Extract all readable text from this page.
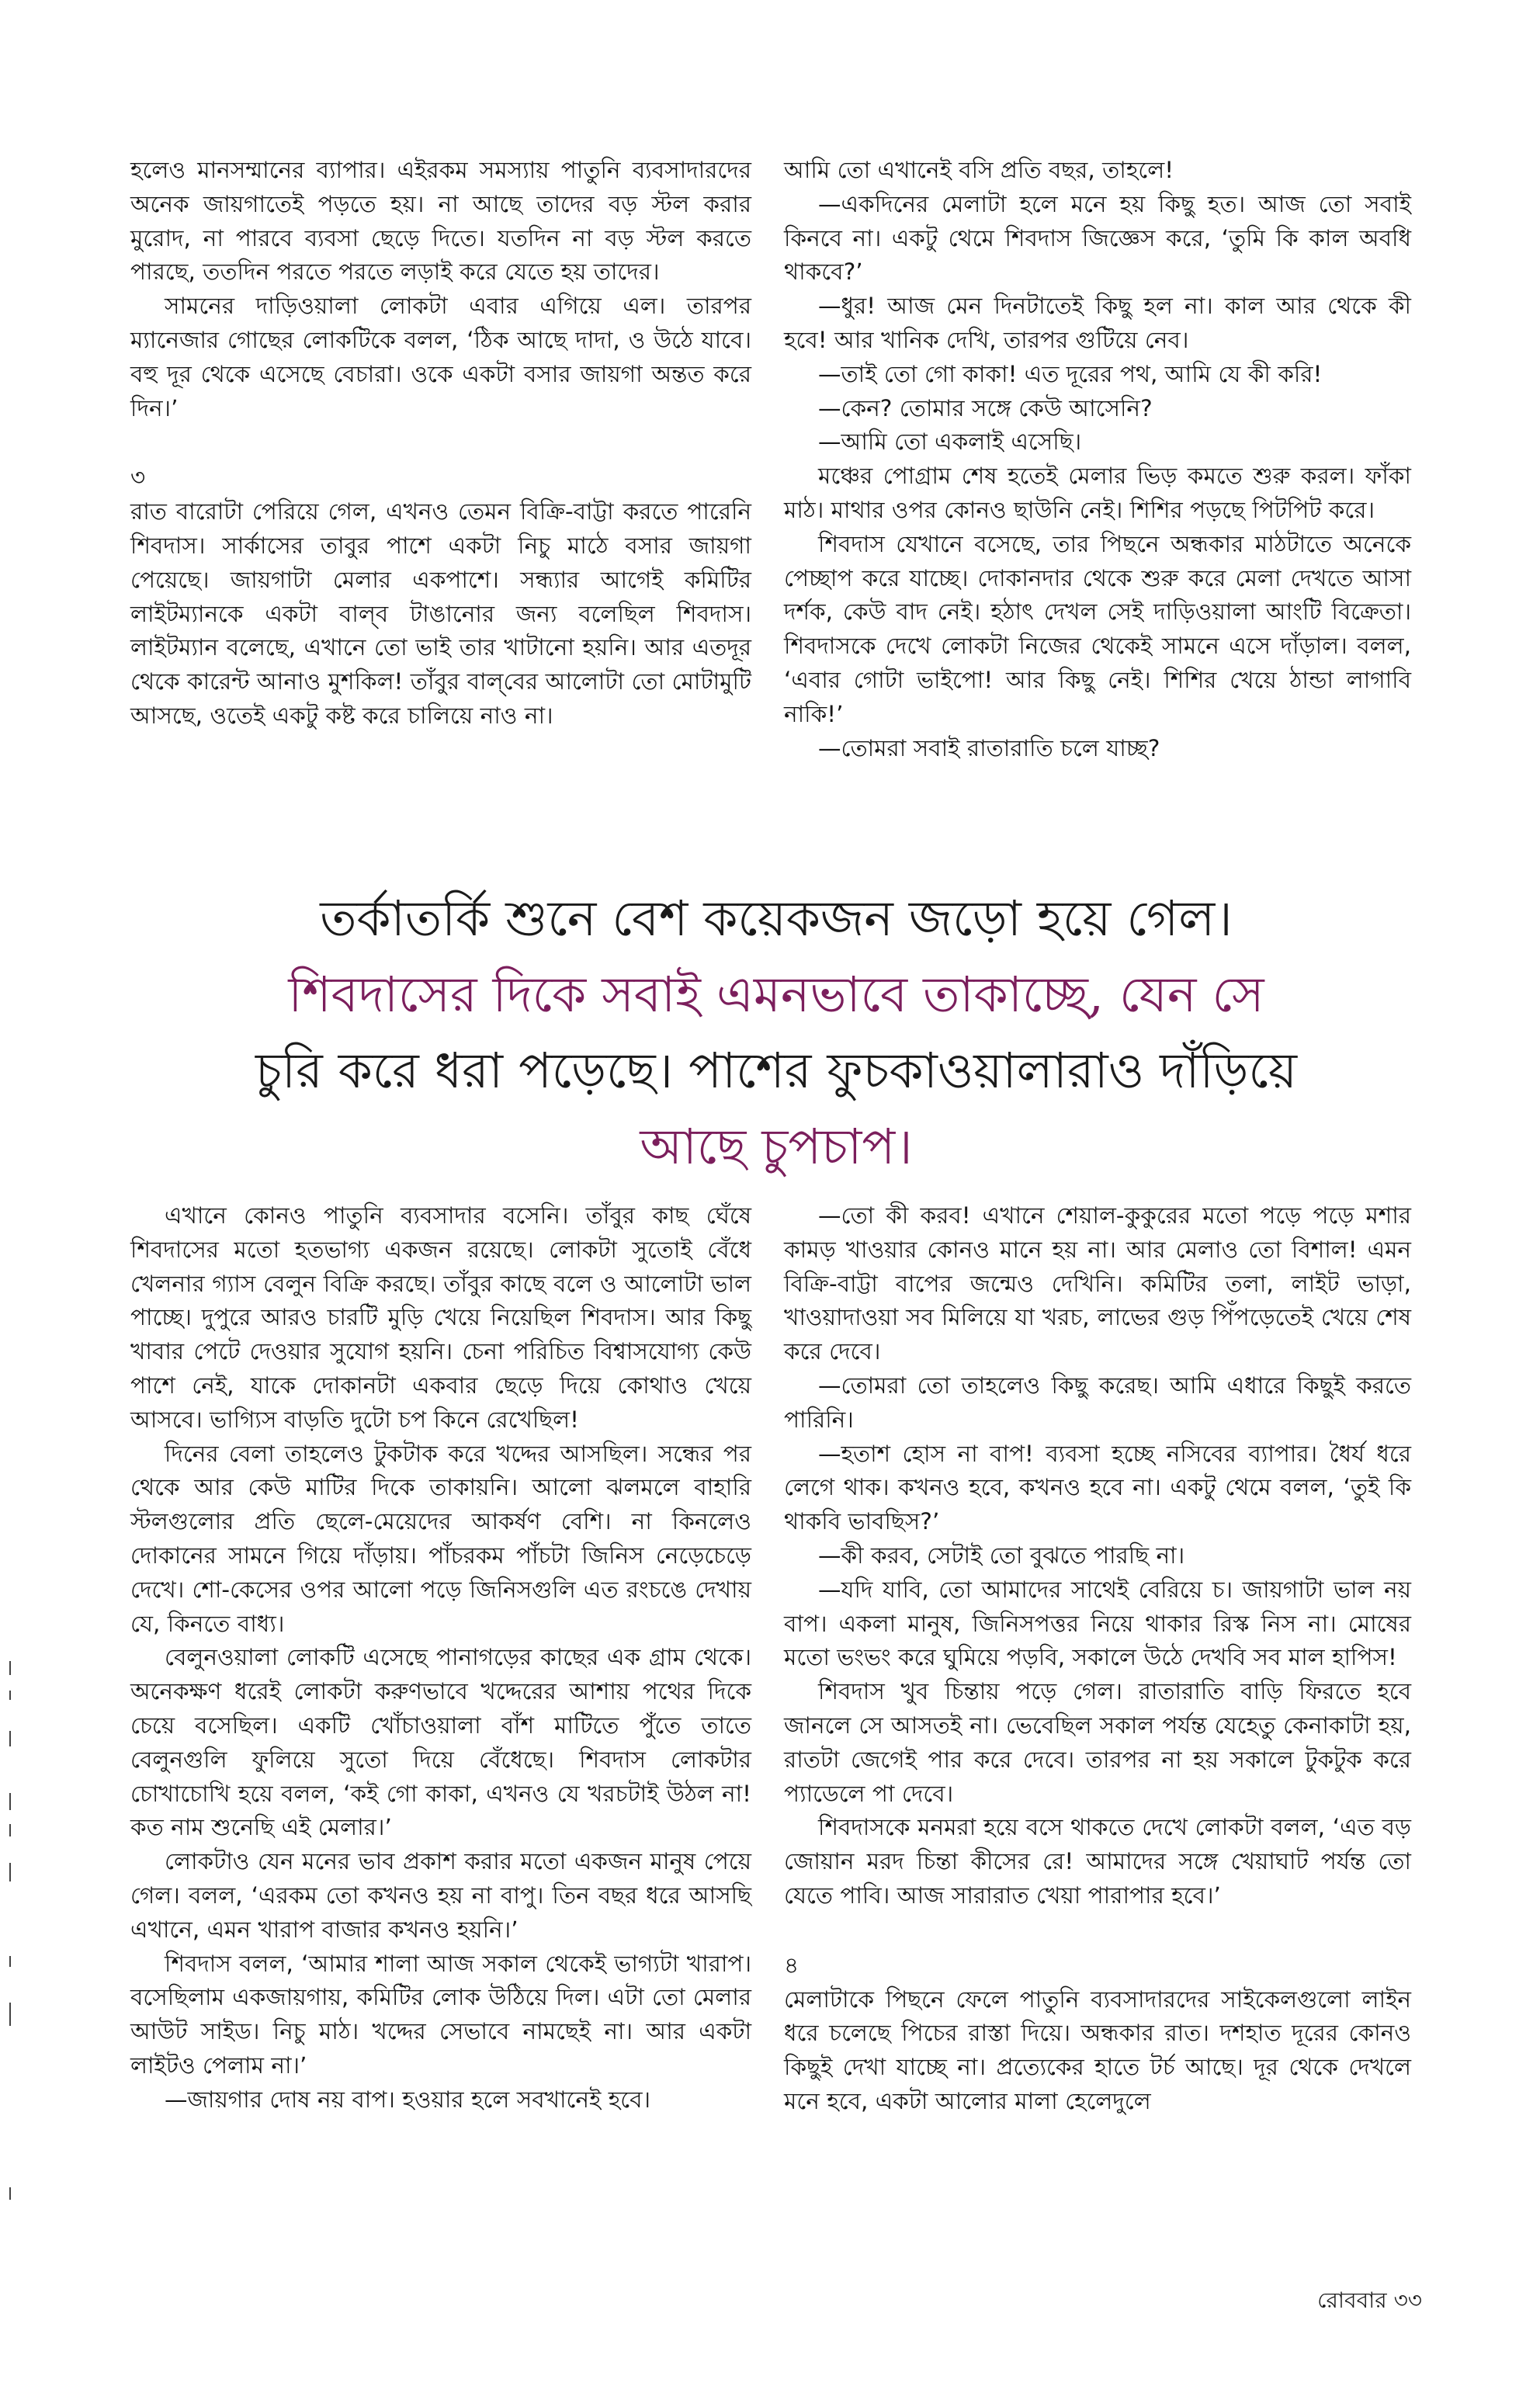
হলেও মানসম্মানের ব্যাপার। এইরকম সমস্যায় পাতুনি ব্যবসাদারদের অনেক জায়গাতেই পড়তে হয়। না আছে তাদের বড় স্টল করার মুরোদ, না পারবে ব্যবসা ছেড়ে দিতে। যতদিন না বড় স্টল করতে পারছে, ততদিন পরতে পরতে লড়াই করে যেতে হয় তাদের।

সামনের দাড়িওয়ালা লোকটা এবার এগিয়ে এল। তারপর ম্যানেজার গোছের লোকটিকে বলল, ‘ঠিক আছে দাদা, ও উঠে যাবে। বহু দূর থেকে এসেছে বেচারা। ওকে একটা বসার জায়গা অন্তত করে দিন।’

৩

রাত বারোটা পেরিয়ে গেল, এখনও তেমন বিক্রি-বাট্টা করতে পারেনি শিবদাস। সার্কাসের তাবুর পাশে একটা নিচু মাঠে বসার জায়গা পেয়েছে। জায়গাটা মেলার একপাশে। সন্ধ্যার আগেই কমিটির লাইটম্যানকে একটা বাল্‌ব টাঙানোর জন্য বলেছিল শিবদাস। লাইটম্যান বলেছে, এখানে তো ভাই তার খাটানো হয়নি। আর এতদূর থেকে কারেন্ট আনাও মুশকিল! তাঁবুর বাল্‌বের আলোটা তো মোটামুটি আসছে, ওতেই একটু কষ্ট করে চালিয়ে নাও না।

আমি তো এখানেই বসি প্রতি বছর, তাহলে!

—একদিনের মেলাটা হলে মনে হয় কিছু হত। আজ তো সবাই কিনবে না। একটু থেমে শিবদাস জিজ্ঞেস করে, ‘তুমি কি কাল অবধি থাকবে?’

—ধুর! আজ মেন দিনটাতেই কিছু হল না। কাল আর থেকে কী হবে! আর খানিক দেখি, তারপর গুটিয়ে নেব।

—তাই তো গো কাকা! এত দূরের পথ, আমি যে কী করি!

—কেন? তোমার সঙ্গে কেউ আসেনি?

—আমি তো একলাই এসেছি।

মঞ্চের পোগ্রাম শেষ হতেই মেলার ভিড় কমতে শুরু করল। ফাঁকা মাঠ। মাথার ওপর কোনও ছাউনি নেই। শিশির পড়ছে পিটপিট করে।

শিবদাস যেখানে বসেছে, তার পিছনে অন্ধকার মাঠটাতে অনেকে পেচ্ছাপ করে যাচ্ছে। দোকানদার থেকে শুরু করে মেলা দেখতে আসা দর্শক, কেউ বাদ নেই। হঠাৎ দেখল সেই দাড়িওয়ালা আংটি বিক্রেতা। শিবদাসকে দেখে লোকটা নিজের থেকেই সামনে এসে দাঁড়াল। বলল, ‘এবার গোটা ভাইপো! আর কিছু নেই। শিশির খেয়ে ঠান্ডা লাগাবি নাকি!’

—তোমরা সবাই রাতারাতি চলে যাচ্ছ?

তর্কাতর্কি শুনে বেশ কয়েকজন জড়ো হয়ে গেল।
শিবদাসের দিকে সবাই এমনভাবে তাকাচ্ছে, যেন সে
চুরি করে ধরা পড়েছে। পাশের ফুচকাওয়ালারাও দাঁড়িয়ে
আছে চুপচাপ।

এখানে কোনও পাতুনি ব্যবসাদার বসেনি। তাঁবুর কাছ ঘেঁষে শিবদাসের মতো হতভাগ্য একজন রয়েছে। লোকটা সুতোই বেঁধে খেলনার গ্যাস বেলুন বিক্রি করছে। তাঁবুর কাছে বলে ও আলোটা ভাল পাচ্ছে। দুপুরে আরও চারটি মুড়ি খেয়ে নিয়েছিল শিবদাস। আর কিছু খাবার পেটে দেওয়ার সুযোগ হয়নি। চেনা পরিচিত বিশ্বাসযোগ্য কেউ পাশে নেই, যাকে দোকানটা একবার ছেড়ে দিয়ে কোথাও খেয়ে আসবে। ভাগ্যিস বাড়তি দুটো চপ কিনে রেখেছিল!

দিনের বেলা তাহলেও টুকটাক করে খদ্দের আসছিল। সন্ধের পর থেকে আর কেউ মাটির দিকে তাকায়নি। আলো ঝলমলে বাহারি স্টলগুলোর প্রতি ছেলে-মেয়েদের আকর্ষণ বেশি। না কিনলেও দোকানের সামনে গিয়ে দাঁড়ায়। পাঁচরকম পাঁচটা জিনিস নেড়েচেড়ে দেখে। শো-কেসের ওপর আলো পড়ে জিনিসগুলি এত রংচঙে দেখায় যে, কিনতে বাধ্য।

বেলুনওয়ালা লোকটি এসেছে পানাগড়ের কাছের এক গ্রাম থেকে। অনেকক্ষণ ধরেই লোকটা করুণভাবে খদ্দেরের আশায় পথের দিকে চেয়ে বসেছিল। একটি খোঁচাওয়ালা বাঁশ মাটিতে পুঁতে তাতে বেলুনগুলি ফুলিয়ে সুতো দিয়ে বেঁধেছে। শিবদাস লোকটার চোখাচোখি হয়ে বলল, ‘কই গো কাকা, এখনও যে খরচটাই উঠল না! কত নাম শুনেছি এই মেলার।’

লোকটাও যেন মনের ভাব প্রকাশ করার মতো একজন মানুষ পেয়ে গেল। বলল, ‘এরকম তো কখনও হয় না বাপু। তিন বছর ধরে আসছি এখানে, এমন খারাপ বাজার কখনও হয়নি।’

শিবদাস বলল, ‘আমার শালা আজ সকাল থেকেই ভাগ্যটা খারাপ। বসেছিলাম একজায়গায়, কমিটির লোক উঠিয়ে দিল। এটা তো মেলার আউট সাইড। নিচু মাঠ। খদ্দের সেভাবে নামছেই না। আর একটা লাইটও পেলাম না।’

—জায়গার দোষ নয় বাপ। হওয়ার হলে সবখানেই হবে।

—তো কী করব! এখানে শেয়াল-কুকুরের মতো পড়ে পড়ে মশার কামড় খাওয়ার কোনও মানে হয় না। আর মেলাও তো বিশাল! এমন বিক্রি-বাট্টা বাপের জন্মেও দেখিনি। কমিটির তলা, লাইট ভাড়া, খাওয়াদাওয়া সব মিলিয়ে যা খরচ, লাভের গুড় পিঁপড়েতেই খেয়ে শেষ করে দেবে।

—তোমরা তো তাহলেও কিছু করেছ। আমি এধারে কিছুই করতে পারিনি।

—হতাশ হোস না বাপ! ব্যবসা হচ্ছে নসিবের ব্যাপার। ধৈর্য ধরে লেগে থাক। কখনও হবে, কখনও হবে না। একটু থেমে বলল, ‘তুই কি থাকবি ভাবছিস?’

—কী করব, সেটাই তো বুঝতে পারছি না।

—যদি যাবি, তো আমাদের সাথেই বেরিয়ে চ। জায়গাটা ভাল নয় বাপ। একলা মানুষ, জিনিসপত্তর নিয়ে থাকার রিস্ক নিস না। মোষের মতো ভংভং করে ঘুমিয়ে পড়বি, সকালে উঠে দেখবি সব মাল হাপিস!

শিবদাস খুব চিন্তায় পড়ে গেল। রাতারাতি বাড়ি ফিরতে হবে জানলে সে আসতই না। ভেবেছিল সকাল পর্যন্ত যেহেতু কেনাকাটা হয়, রাতটা জেগেই পার করে দেবে। তারপর না হয় সকালে টুকটুক করে প্যাডেলে পা দেবে।

শিবদাসকে মনমরা হয়ে বসে থাকতে দেখে লোকটা বলল, ‘এত বড় জোয়ান মরদ চিন্তা কীসের রে! আমাদের সঙ্গে খেয়াঘাট পর্যন্ত তো যেতে পাবি। আজ সারারাত খেয়া পারাপার হবে।’

৪

মেলাটাকে পিছনে ফেলে পাতুনি ব্যবসাদারদের সাইকেলগুলো লাইন ধরে চলেছে পিচের রাস্তা দিয়ে। অন্ধকার রাত। দশহাত দূরের কোনও কিছুই দেখা যাচ্ছে না। প্রত্যেকের হাতে টর্চ আছে। দূর থেকে দেখলে মনে হবে, একটা আলোর মালা হেলেদুলে

রোববার ৩৩
